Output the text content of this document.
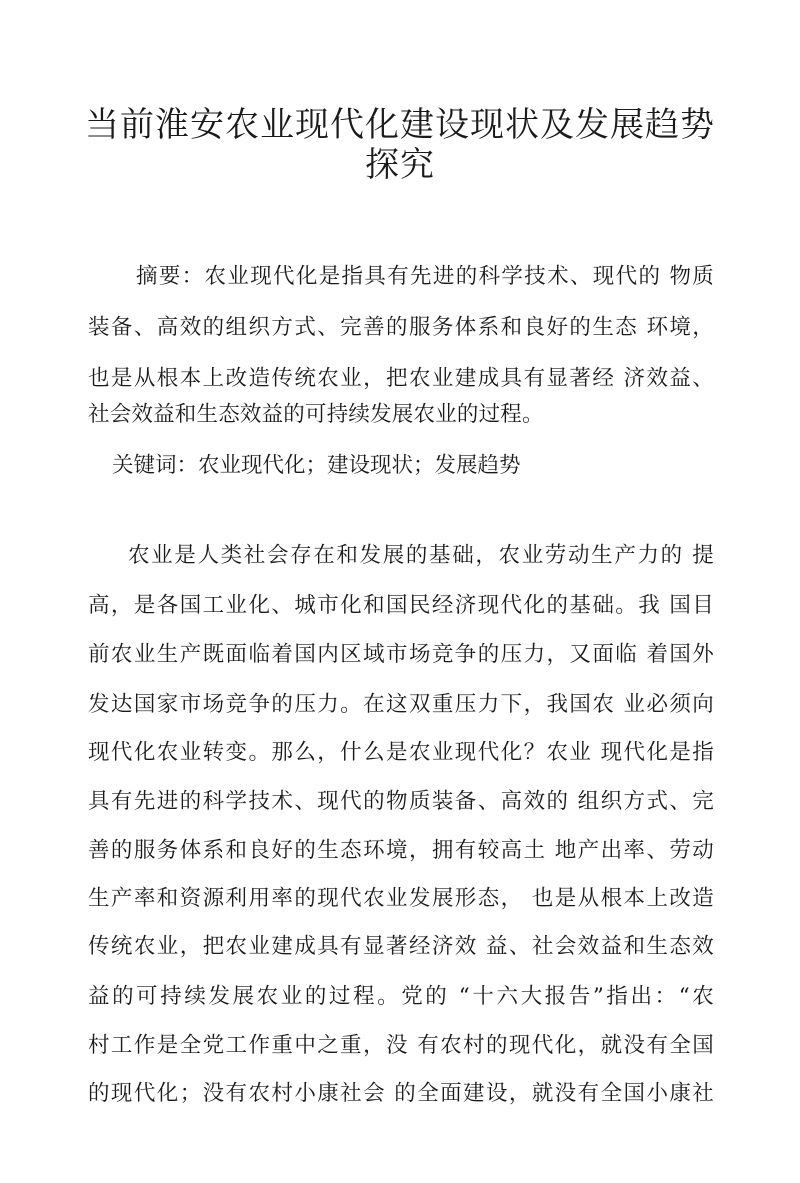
当前淮安农业现代化建设现状及发展趋势
探究
摘要：农业现代化是指具有先进的科学技术、现代的 物质
装备、高效的组织方式、完善的服务体系和良好的生态 环境，
也是从根本上改造传统农业，把农业建成具有显著经 济效益、
社会效益和生态效益的可持续发展农业的过程。
关键词：农业现代化；建设现状；发展趋势
农业是人类社会存在和发展的基础，农业劳动生产力的 提
高，是各国工业化、城市化和国民经济现代化的基础。我 国目
前农业生产既面临着国内区域市场竞争的压力，又面临 着国外
发达国家市场竞争的压力。在这双重压力下，我国农 业必须向
现代化农业转变。那么，什么是农业现代化？农业 现代化是指
具有先进的科学技术、现代的物质装备、高效的 组织方式、完
善的服务体系和良好的生态环境，拥有较高土 地产出率、劳动
生产率和资源利用率的现代农业发展形态， 也是从根本上改造
传统农业，把农业建成具有显著经济效 益、社会效益和生态效
益的可持续发展农业的过程。党的 “十六大报告”指出：“农
村工作是全党工作重中之重，没 有农村的现代化，就没有全国
的现代化；没有农村小康社会 的全面建设，就没有全国小康社
